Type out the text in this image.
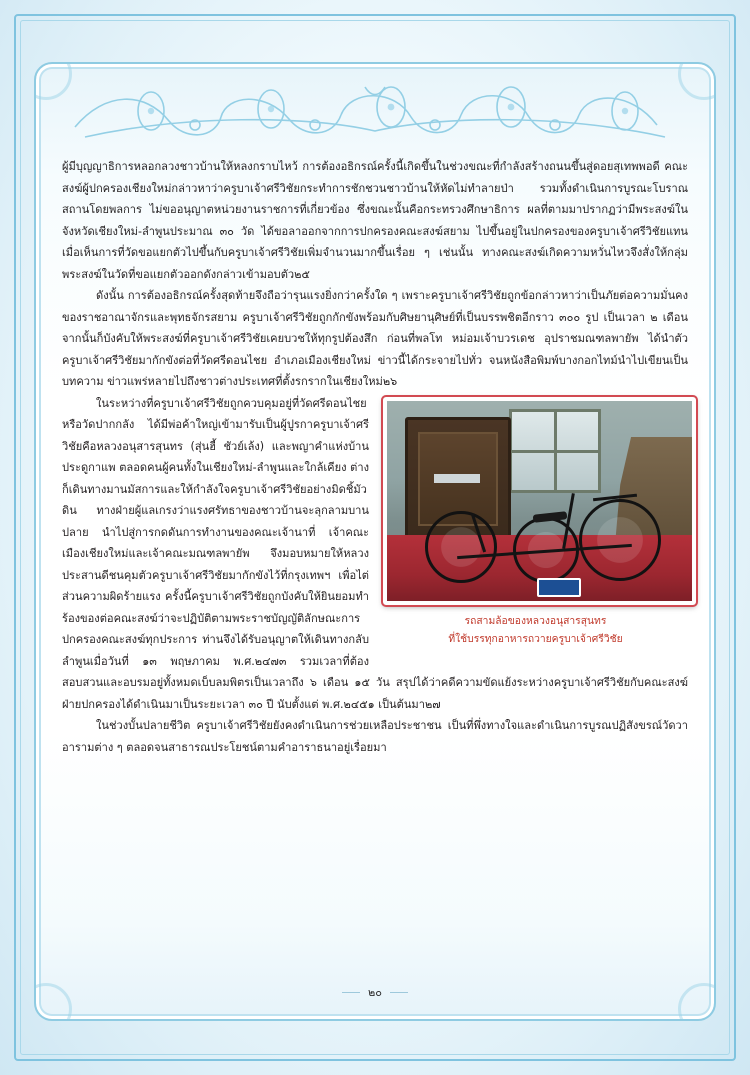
ผู้มีบุญญาธิการหลอกลวงชาวบ้านให้หลงกราบไหว้ การต้องอธิกรณ์ครั้งนี้เกิดขึ้นในช่วงขณะที่กำลังสร้างถนนขึ้นสู่ดอยสุเทพพอดี คณะสงฆ์ผู้ปกครองเชียงใหม่กล่าวหาว่าครูบาเจ้าศรีวิชัยกระทำการชักชวนชาวบ้านให้หัดไม่ทำลายป่า รวมทั้งดำเนินการบูรณะโบราณสถานโดยพลการ ไม่ขออนุญาตหน่วยงานราชการที่เกี่ยวข้อง ซึ่งขณะนั้นคือกระทรวงศึกษาธิการ ผลที่ตามมาปรากฏว่ามีพระสงฆ์ในจังหวัดเชียงใหม่-ลำพูนประมาณ ๓๐ วัด ได้ขอลาออกจากการปกครองคณะสงฆ์สยาม ไปขึ้นอยู่ในปกครองของครูบาเจ้าศรีวิชัยแทน เมื่อเห็นการที่วัดขอแยกตัวไปขึ้นกับครูบาเจ้าศรีวิชัยเพิ่มจำนวนมากขึ้นเรื่อย ๆ เช่นนั้น ทางคณะสงฆ์เกิดความหวั่นไหวจึงสั่งให้กลุ่มพระสงฆ์ในวัดที่ขอแยกตัวออกดังกล่าวเข้ามอบตัว๒๕

ดังนั้น การต้องอธิกรณ์ครั้งสุดท้ายจึงถือว่ารุนแรงยิ่งกว่าครั้งใด ๆ เพราะครูบาเจ้าศรีวิชัยถูกข้อกล่าวหาว่าเป็นภัยต่อความมั่นคงของราชอาณาจักรและพุทธจักรสยาม ครูบาเจ้าศรีวิชัยถูกกักขังพร้อมกับศิษยานุศิษย์ที่เป็นบรรพชิตอีกราว ๓๐๐ รูป เป็นเวลา ๒ เดือน จากนั้นก็บังคับให้พระสงฆ์ที่ครูบาเจ้าศรีวิชัยเคยบวชให้ทุกรูปต้องสึก ก่อนที่พลโท หม่อมเจ้าบวรเดช อุปราชมณฑลพายัพ ได้นำตัวครูบาเจ้าศรีวิชัยมากักขังต่อที่วัดศรีดอนไชย อำเภอเมืองเชียงใหม่ ข่าวนี้ได้กระจายไปทั่ว จนหนังสือพิมพ์บางกอกไทม์นำไปเขียนเป็นบทความ ข่าวแพร่หลายไปถึงชาวต่างประเทศที่ตั้งรกรากในเชียงใหม่๒๖

รถสามล้อของหลวงอนุสารสุนทร
ที่ใช้บรรทุกอาหารถวายครูบาเจ้าศรีวิชัย

ในระหว่างที่ครูบาเจ้าศรีวิชัยถูกควบคุมอยู่ที่วัดศรีดอนไชย หรือวัดปากกลัง ได้มีพ่อค้าใหญ่เข้ามารับเป็นผู้ปูรกาครูบาเจ้าศรีวิชัยคือหลวงอนุสารสุนทร (สุ่นฮี้ ชัวย์เล้ง) และพญาคำแห่งบ้านประดูกาแพ ตลอดคนผู้คนทั้งในเชียงใหม่-ลำพูนและใกล้เคียง ต่างก็เดินทางมานมัสการและให้กำลังใจครูบาเจ้าศรีวิชัยอย่างมิดชิ้มัวดิน ทางฝ่ายผู้แลเกรงว่าแรงศรัทธาของชาวบ้านจะลุกลามบานปลาย นำไปสู่การกดดันการทำงานของคณะเจ้านาที่ เจ้าคณะเมืองเชียงใหม่และเจ้าคณะมณฑลพายัพ จึงมอบหมายให้หลวงประสานดีชนคุมตัวครูบาเจ้าศรีวิชัยมากักขังไว้ที่กรุงเทพฯ เพื่อไต่ส่วนความผิดร้ายแรง ครั้งนี้ครูบาเจ้าศรีวิชัยถูกบังคับให้ยินยอมทำร้องของต่อคณะสงฆ์ว่าจะปฏิบัติตามพระราชบัญญัติลักษณะการปกครองคณะสงฆ์ทุกประการ ท่านจึงได้รับอนุญาตให้เดินทางกลับลำพูนเมื่อวันที่ ๑๓ พฤษภาคม พ.ศ.๒๔๗๓ รวมเวลาที่ต้องสอบสวนและอบรมอยู่ทั้งหมดเบ็บลมพิตรเป็นเวลาถึง ๖ เดือน ๑๕ วัน สรุปได้ว่าคดีความขัดแย้งระหว่างครูบาเจ้าศรีวิชัยกับคณะสงฆ์ฝ่ายปกครองได้ดำเนินมาเป็นระยะเวลา ๓๐ ปี นับตั้งแต่ พ.ศ.๒๔๕๑ เป็นต้นมา๒๗

ในช่วงบั้นปลายชีวิต ครูบาเจ้าศรีวิชัยยังคงดำเนินการช่วยเหลือประชาชน เป็นที่พึ่งทางใจและดำเนินการบูรณปฏิสังขรณ์วัดวาอารามต่าง ๆ ตลอดจนสาธารณประโยชน์ตามคำอาราธนาอยู่เรื่อยมา

๒๐
